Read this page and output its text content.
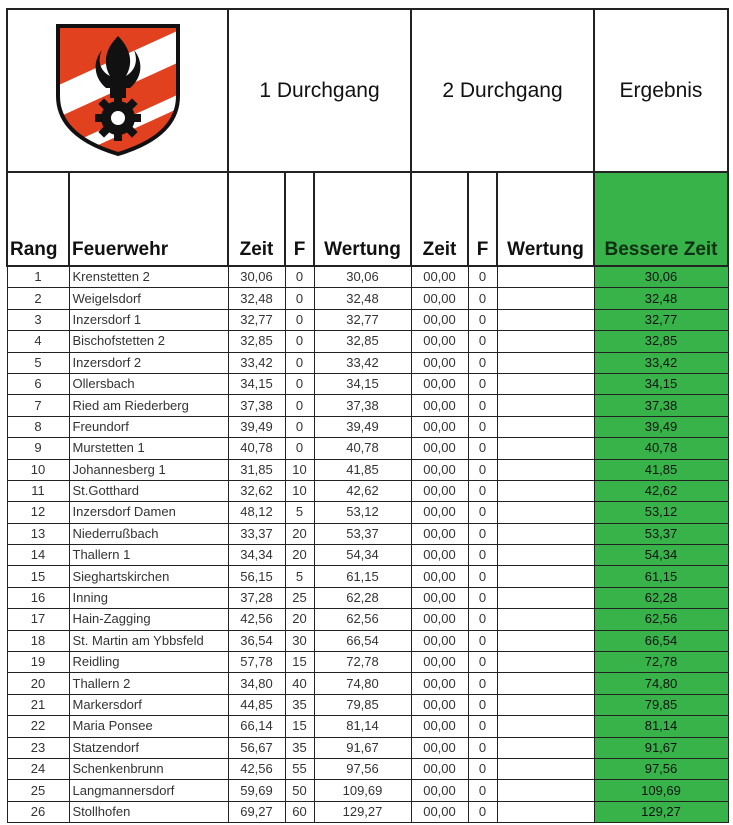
	1 Durchgang			2 Durchgang			Ergebnis
Rang	Feuerwehr	Zeit	F	Wertung	Zeit	F	Wertung	Bessere Zeit
1	Krenstetten 2	30,06	0	30,06	00,00	0		30,06
2	Weigelsdorf	32,48	0	32,48	00,00	0		32,48
3	Inzersdorf 1	32,77	0	32,77	00,00	0		32,77
4	Bischofstetten 2	32,85	0	32,85	00,00	0		32,85
5	Inzersdorf 2	33,42	0	33,42	00,00	0		33,42
6	Ollersbach	34,15	0	34,15	00,00	0		34,15
7	Ried am Riederberg	37,38	0	37,38	00,00	0		37,38
8	Freundorf	39,49	0	39,49	00,00	0		39,49
9	Murstetten 1	40,78	0	40,78	00,00	0		40,78
10	Johannesberg 1	31,85	10	41,85	00,00	0		41,85
11	St.Gotthard	32,62	10	42,62	00,00	0		42,62
12	Inzersdorf Damen	48,12	5	53,12	00,00	0		53,12
13	Niederrußbach	33,37	20	53,37	00,00	0		53,37
14	Thallern 1	34,34	20	54,34	00,00	0		54,34
15	Sieghartskirchen	56,15	5	61,15	00,00	0		61,15
16	Inning	37,28	25	62,28	00,00	0		62,28
17	Hain-Zagging	42,56	20	62,56	00,00	0		62,56
18	St. Martin am Ybbsfeld	36,54	30	66,54	00,00	0		66,54
19	Reidling	57,78	15	72,78	00,00	0		72,78
20	Thallern 2	34,80	40	74,80	00,00	0		74,80
21	Markersdorf	44,85	35	79,85	00,00	0		79,85
22	Maria Ponsee	66,14	15	81,14	00,00	0		81,14
23	Statzendorf	56,67	35	91,67	00,00	0		91,67
24	Schenkenbrunn	42,56	55	97,56	00,00	0		97,56
25	Langmannersdorf	59,69	50	109,69	00,00	0		109,69
26	Stollhofen	69,27	60	129,27	00,00	0		129,27
